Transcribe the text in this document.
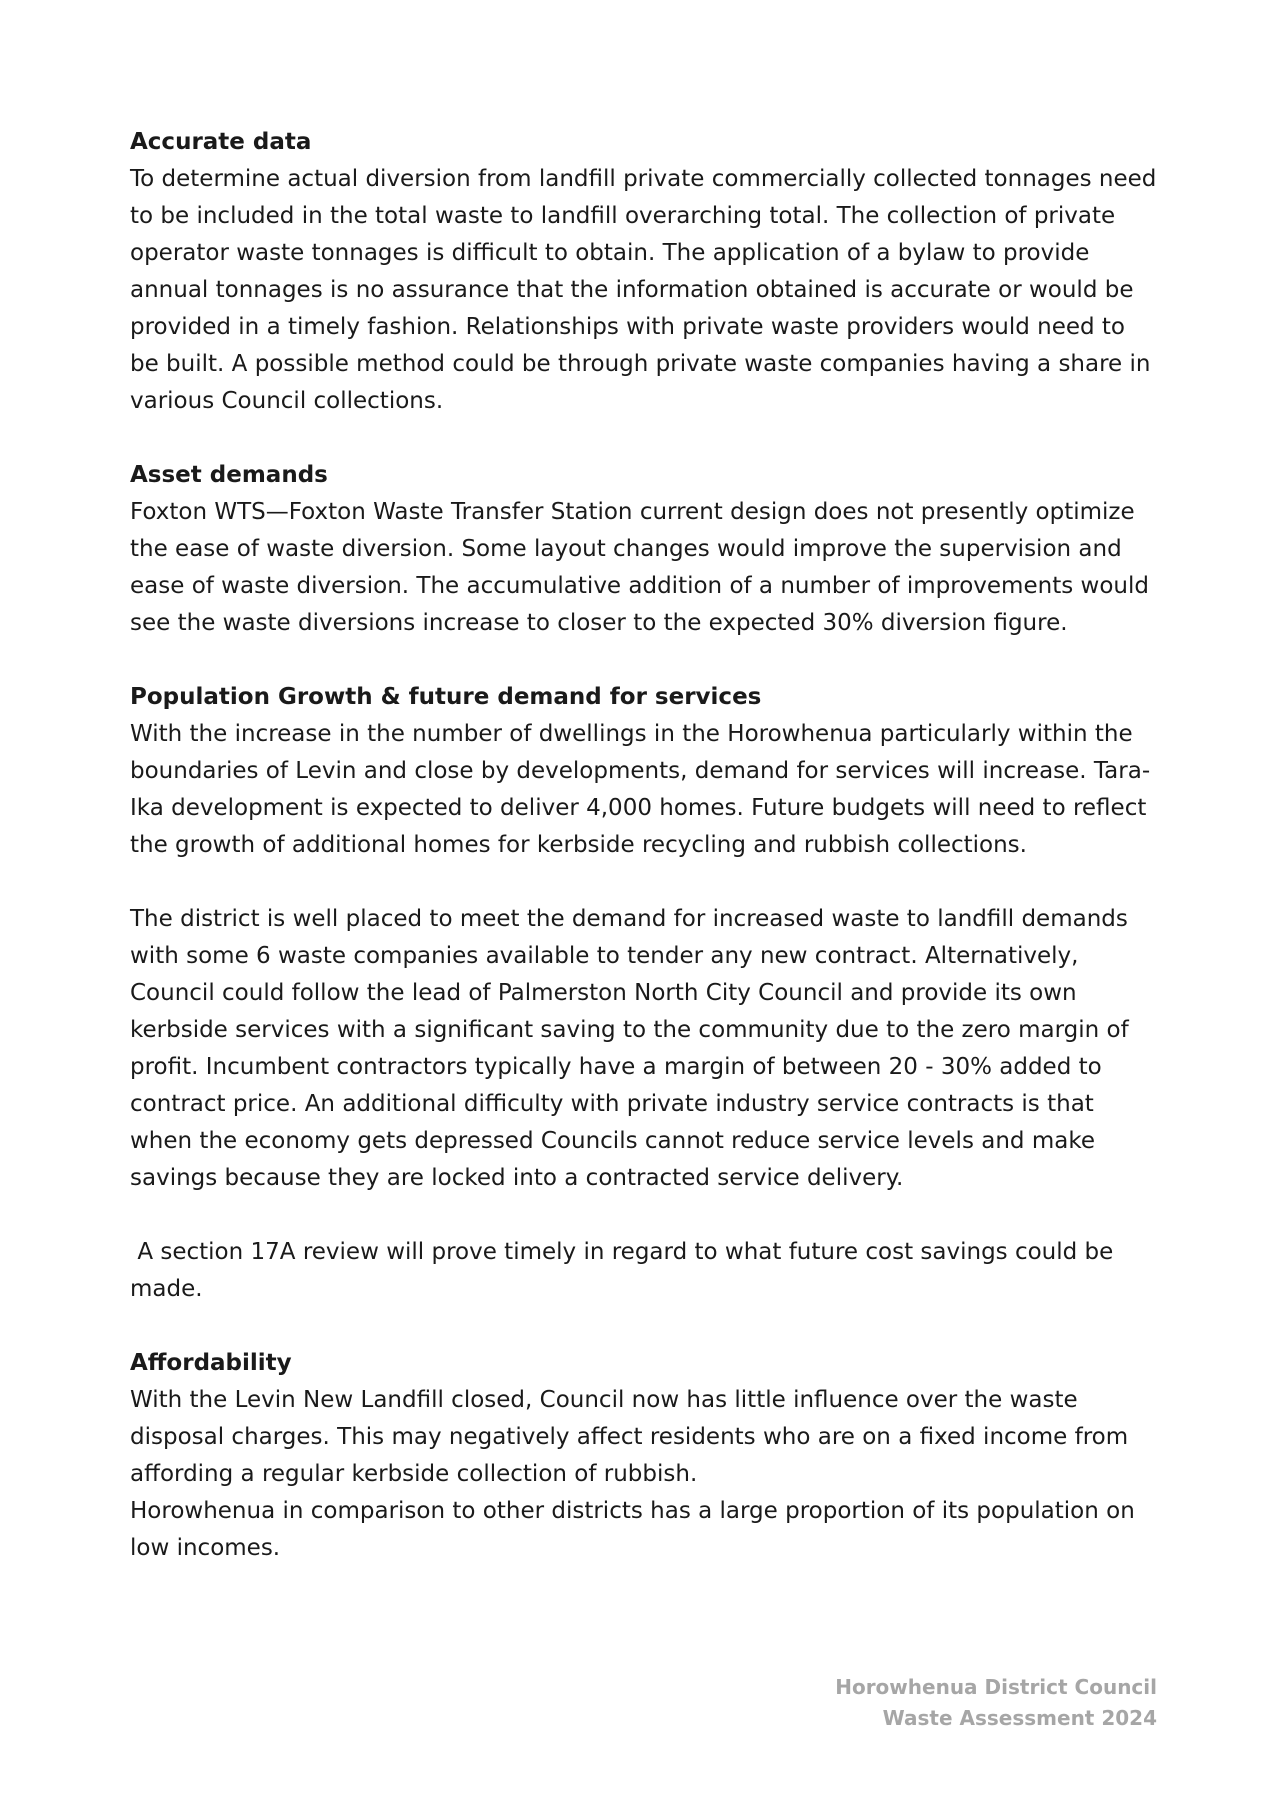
Accurate data

To determine actual diversion from landfill private commercially collected tonnages need to be included in the total waste to landfill overarching total. The collection of private operator waste tonnages is difficult to obtain. The application of a bylaw to provide annual tonnages is no assurance that the information obtained is accurate or would be provided in a timely fashion. Relationships with private waste providers would need to be built. A possible method could be through private waste companies having a share in various Council collections.

Asset demands

Foxton WTS—Foxton Waste Transfer Station current design does not presently optimize the ease of waste diversion. Some layout changes would improve the supervision and ease of waste diversion. The accumulative addition of a number of improvements would see the waste diversions increase to closer to the expected 30% diversion figure.

Population Growth & future demand for services

With the increase in the number of dwellings in the Horowhenua particularly within the boundaries of Levin and close by developments, demand for services will increase. Tara-Ika development is expected to deliver 4,000 homes. Future budgets will need to reflect the growth of additional homes for kerbside recycling and rubbish collections.

The district is well placed to meet the demand for increased waste to landfill demands with some 6 waste companies available to tender any new contract. Alternatively, Council could follow the lead of Palmerston North City Council and provide its own kerbside services with a significant saving to the community due to the zero margin of profit. Incumbent contractors typically have a margin of between 20 - 30% added to contract price. An additional difficulty with private industry service contracts is that when the economy gets depressed Councils cannot reduce service levels and make savings because they are locked into a contracted service delivery.

A section 17A review will prove timely in regard to what future cost savings could be made.

Affordability

With the Levin New Landfill closed, Council now has little influence over the waste disposal charges. This may negatively affect residents who are on a fixed income from affording a regular kerbside collection of rubbish.

Horowhenua in comparison to other districts has a large proportion of its population on low incomes.

Horowhenua District Council
Waste Assessment 2024
